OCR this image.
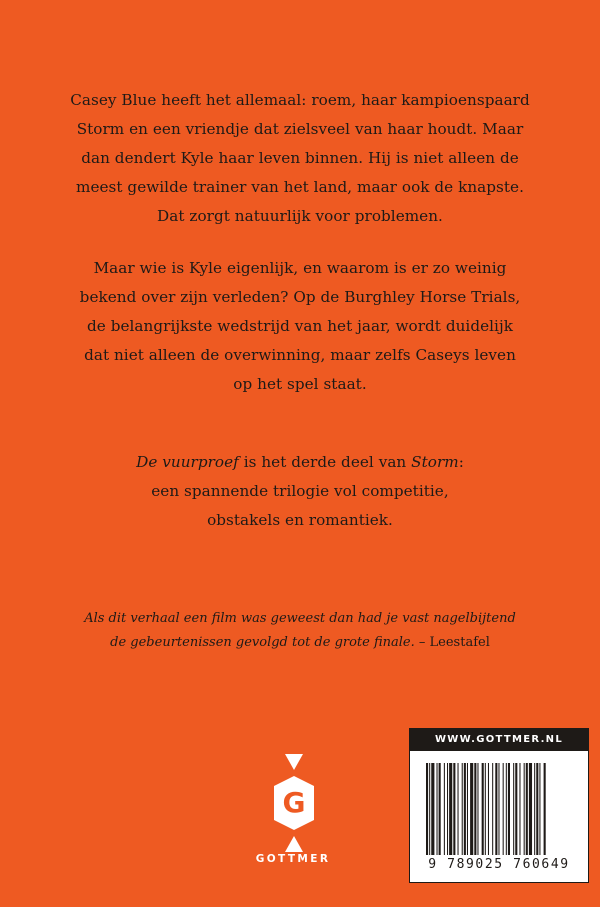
Casey Blue heeft het allemaal: roem, haar kampioenspaard
Storm en een vriendje dat zielsveel van haar houdt. Maar
dan dendert Kyle haar leven binnen. Hij is niet alleen de
meest gewilde trainer van het land, maar ook de knapste.
Dat zorgt natuurlijk voor problemen.
Maar wie is Kyle eigenlijk, en waarom is er zo weinig
bekend over zijn verleden? Op de Burghley Horse Trials,
de belangrijkste wedstrijd van het jaar, wordt duidelijk
dat niet alleen de overwinning, maar zelfs Caseys leven
op het spel staat.
De vuurproef is het derde deel van Storm:
een spannende trilogie vol competitie,
obstakels en romantiek.
Als dit verhaal een film was geweest dan had je vast nagelbijtend
de gebeurtenissen gevolgd tot de grote finale. – Leestafel
G
GOTTMER
WWW.GOTTMER.NL
9 789025 760649
